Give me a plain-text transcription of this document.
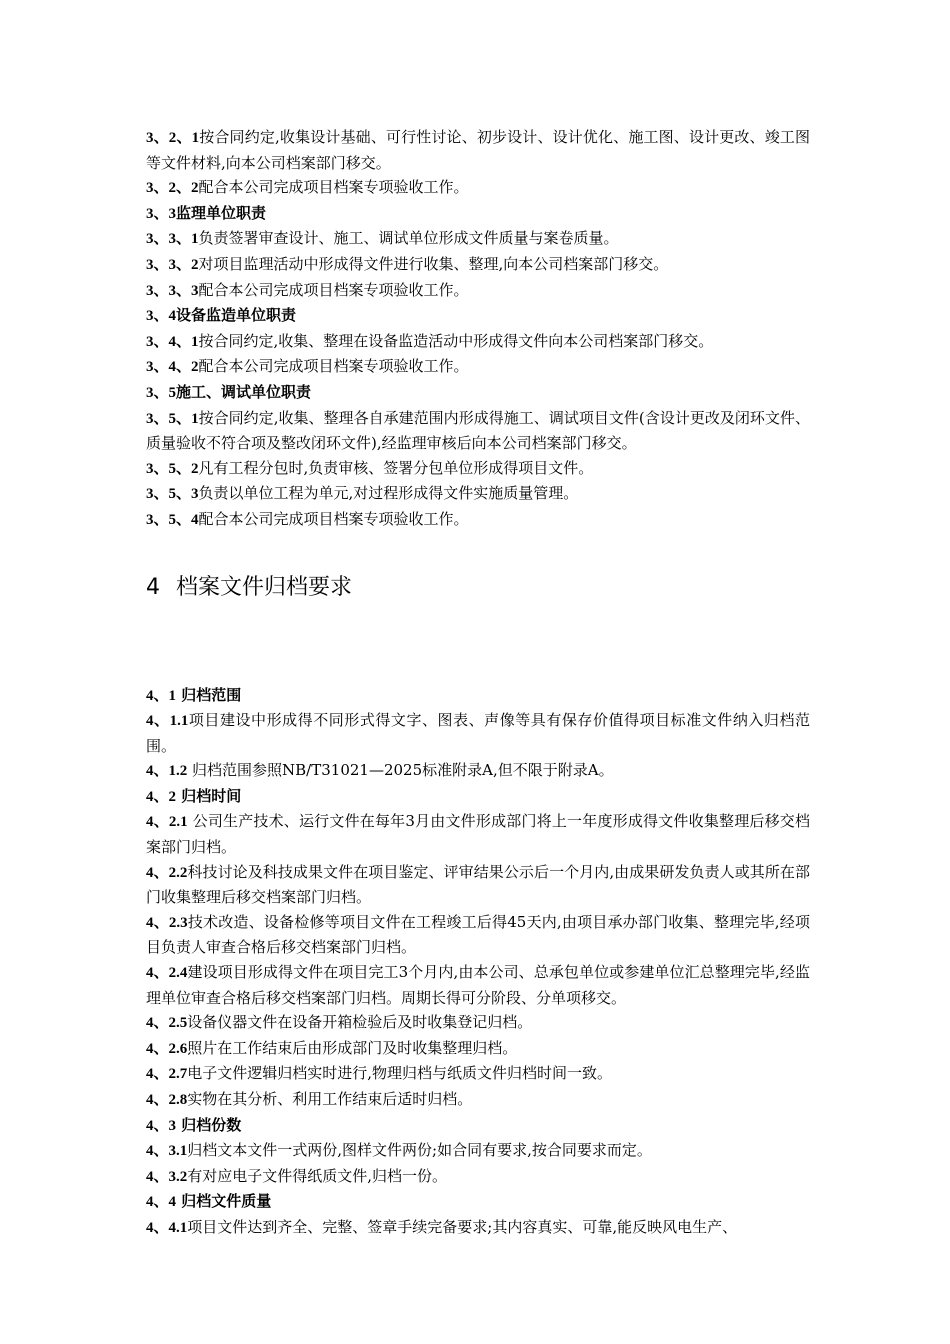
3、2、1按合同约定,收集设计基础、可行性讨论、初步设计、设计优化、施工图、设计更改、竣工图等文件材料,向本公司档案部门移交。

3、2、2配合本公司完成项目档案专项验收工作。

3、3监理单位职责

3、3、1负责签署审查设计、施工、调试单位形成文件质量与案卷质量。

3、3、2对项目监理活动中形成得文件进行收集、整理,向本公司档案部门移交。

3、3、3配合本公司完成项目档案专项验收工作。

3、4设备监造单位职责

3、4、1按合同约定,收集、整理在设备监造活动中形成得文件向本公司档案部门移交。

3、4、2配合本公司完成项目档案专项验收工作。

3、5施工、调试单位职责

3、5、1按合同约定,收集、整理各自承建范围内形成得施工、调试项目文件(含设计更改及闭环文件、质量验收不符合项及整改闭环文件),经监理审核后向本公司档案部门移交。

3、5、2凡有工程分包时,负责审核、签署分包单位形成得项目文件。

3、5、3负责以单位工程为单元,对过程形成得文件实施质量管理。

3、5、4配合本公司完成项目档案专项验收工作。

4 档案文件归档要求

4、1 归档范围

4、1.1项目建设中形成得不同形式得文字、图表、声像等具有保存价值得项目标准文件纳入归档范围。

4、1.2 归档范围参照NB/T31021—2025标准附录A,但不限于附录A。

4、2 归档时间

4、2.1 公司生产技术、运行文件在每年3月由文件形成部门将上一年度形成得文件收集整理后移交档案部门归档。

4、2.2科技讨论及科技成果文件在项目鉴定、评审结果公示后一个月内,由成果研发负责人或其所在部门收集整理后移交档案部门归档。

4、2.3技术改造、设备检修等项目文件在工程竣工后得45天内,由项目承办部门收集、整理完毕,经项目负责人审查合格后移交档案部门归档。

4、2.4建设项目形成得文件在项目完工3个月内,由本公司、总承包单位或参建单位汇总整理完毕,经监理单位审查合格后移交档案部门归档。周期长得可分阶段、分单项移交。

4、2.5设备仪器文件在设备开箱检验后及时收集登记归档。

4、2.6照片在工作结束后由形成部门及时收集整理归档。

4、2.7电子文件逻辑归档实时进行,物理归档与纸质文件归档时间一致。

4、2.8实物在其分析、利用工作结束后适时归档。

4、3 归档份数

4、3.1归档文本文件一式两份,图样文件两份;如合同有要求,按合同要求而定。

4、3.2有对应电子文件得纸质文件,归档一份。

4、4 归档文件质量

4、4.1项目文件达到齐全、完整、签章手续完备要求;其内容真实、可靠,能反映风电生产、
